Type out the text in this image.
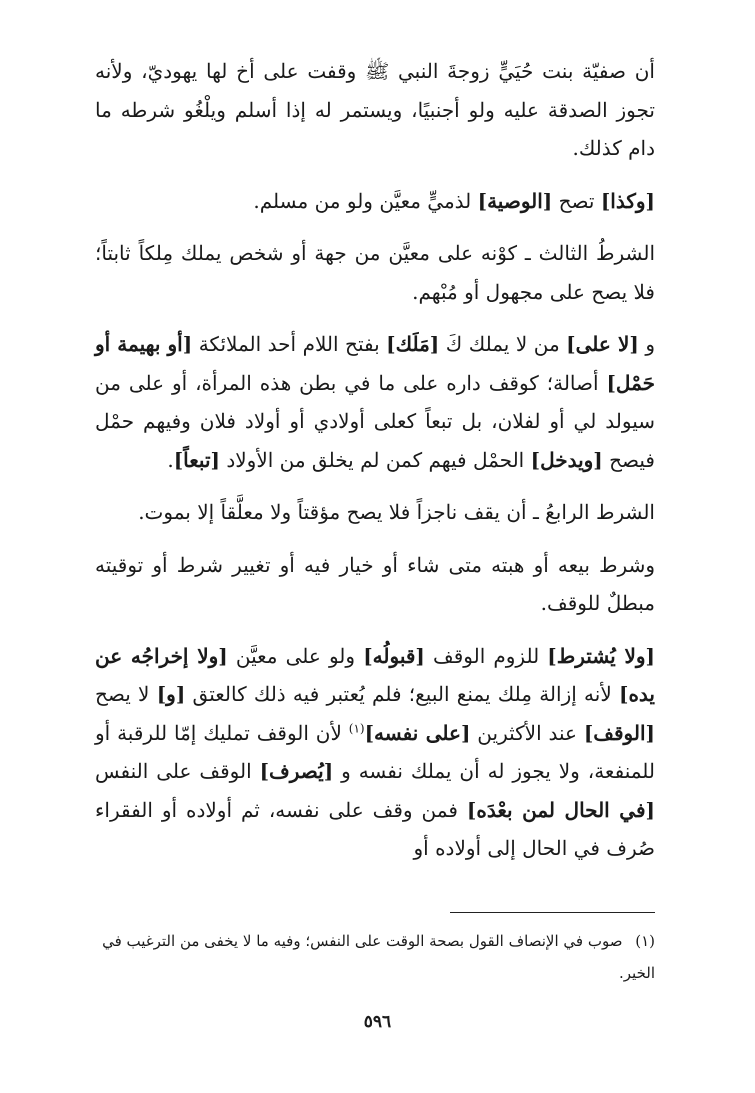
أن صفيّة بنت حُيَيٍّ زوجةَ النبي ﷺ وقفت على أخ لها يهوديّ، ولأنه تجوز الصدقة عليه ولو أجنبيًا، ويستمر له إذا أسلم ويلْغُو شرطه ما دام كذلك.

[وكذا] تصح [الوصية] لذميٍّ معيَّن ولو من مسلم.

الشرطُ الثالث ـ كوْنه على معيَّن من جهة أو شخص يملك مِلكاً ثابتاً؛ فلا يصح على مجهول أو مُبْهم.

و [لا على] من لا يملك كَ [مَلَك] بفتح اللام أحد الملائكة [أو بهيمة أو حَمْل] أصالة؛ كوقف داره على ما في بطن هذه المرأة، أو على من سيولد لي أو لفلان، بل تبعاً كعلى أولادي أو أولاد فلان وفيهم حمْل فيصح [ويدخل] الحمْل فيهم كمن لم يخلق من الأولاد [تبعاً].

الشرط الرابعُ ـ أن يقف ناجزاً فلا يصح مؤقتاً ولا معلَّقاً إلا بموت.

وشرط بيعه أو هبته متى شاء أو خيار فيه أو تغيير شرط أو توقيته مبطلٌ للوقف.

[ولا يُشترط] للزوم الوقف [قبولُه] ولو على معيَّن [ولا إخراجُه عن يده] لأنه إزالة مِلك يمنع البيع؛ فلم يُعتبر فيه ذلك كالعتق [و] لا يصح [الوقف] عند الأكثرين [على نفسه]$^{(١)}$ لأن الوقف تمليك إمّا للرقبة أو للمنفعة، ولا يجوز له أن يملك نفسه و [يُصرف] الوقف على النفس [في الحال لمن بعْدَه] فمن وقف على نفسه، ثم أولاده أو الفقراء صُرف في الحال إلى أولاده أو

(١) صوب في الإنصاف القول بصحة الوقت على النفس؛ وفيه ما لا يخفى من الترغيب في الخير.
٥٩٦
